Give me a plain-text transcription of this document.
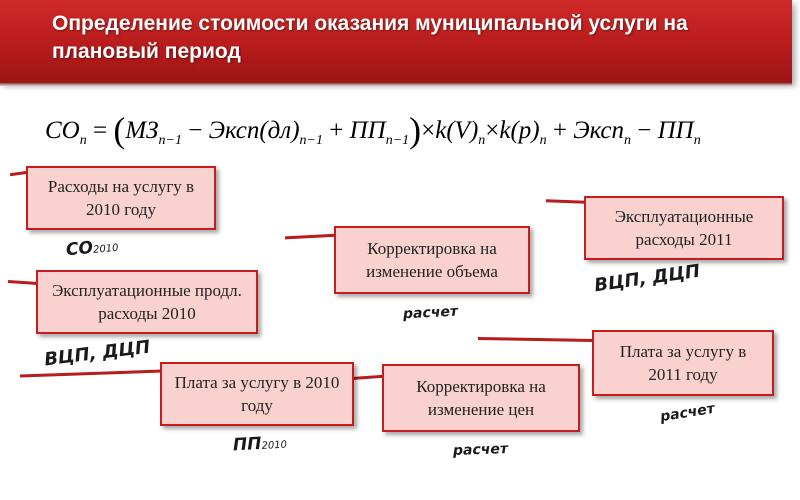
Определение стоимости оказания муниципальной услуги на плановый период
$СО_n = (МЗ_{n-1}$ − $Эксп(дл)_{n-1} + ПП_{n-1})\times k(V)_n\times k(p)_n$ + Эксп$_n$ − $ПП_n$
Расходы на услугу в 2010 году
Эксплуатационные продл. расходы 2010
Плата за услугу в 2010 году
Корректировка на изменение объема
Корректировка на изменение цен
Эксплуатационные расходы 2011
Плата за услугу в 2011 году
СО2010
ВЦП, ДЦП
ПП2010
расчет
расчет
ВЦП, ДЦП
расчет
